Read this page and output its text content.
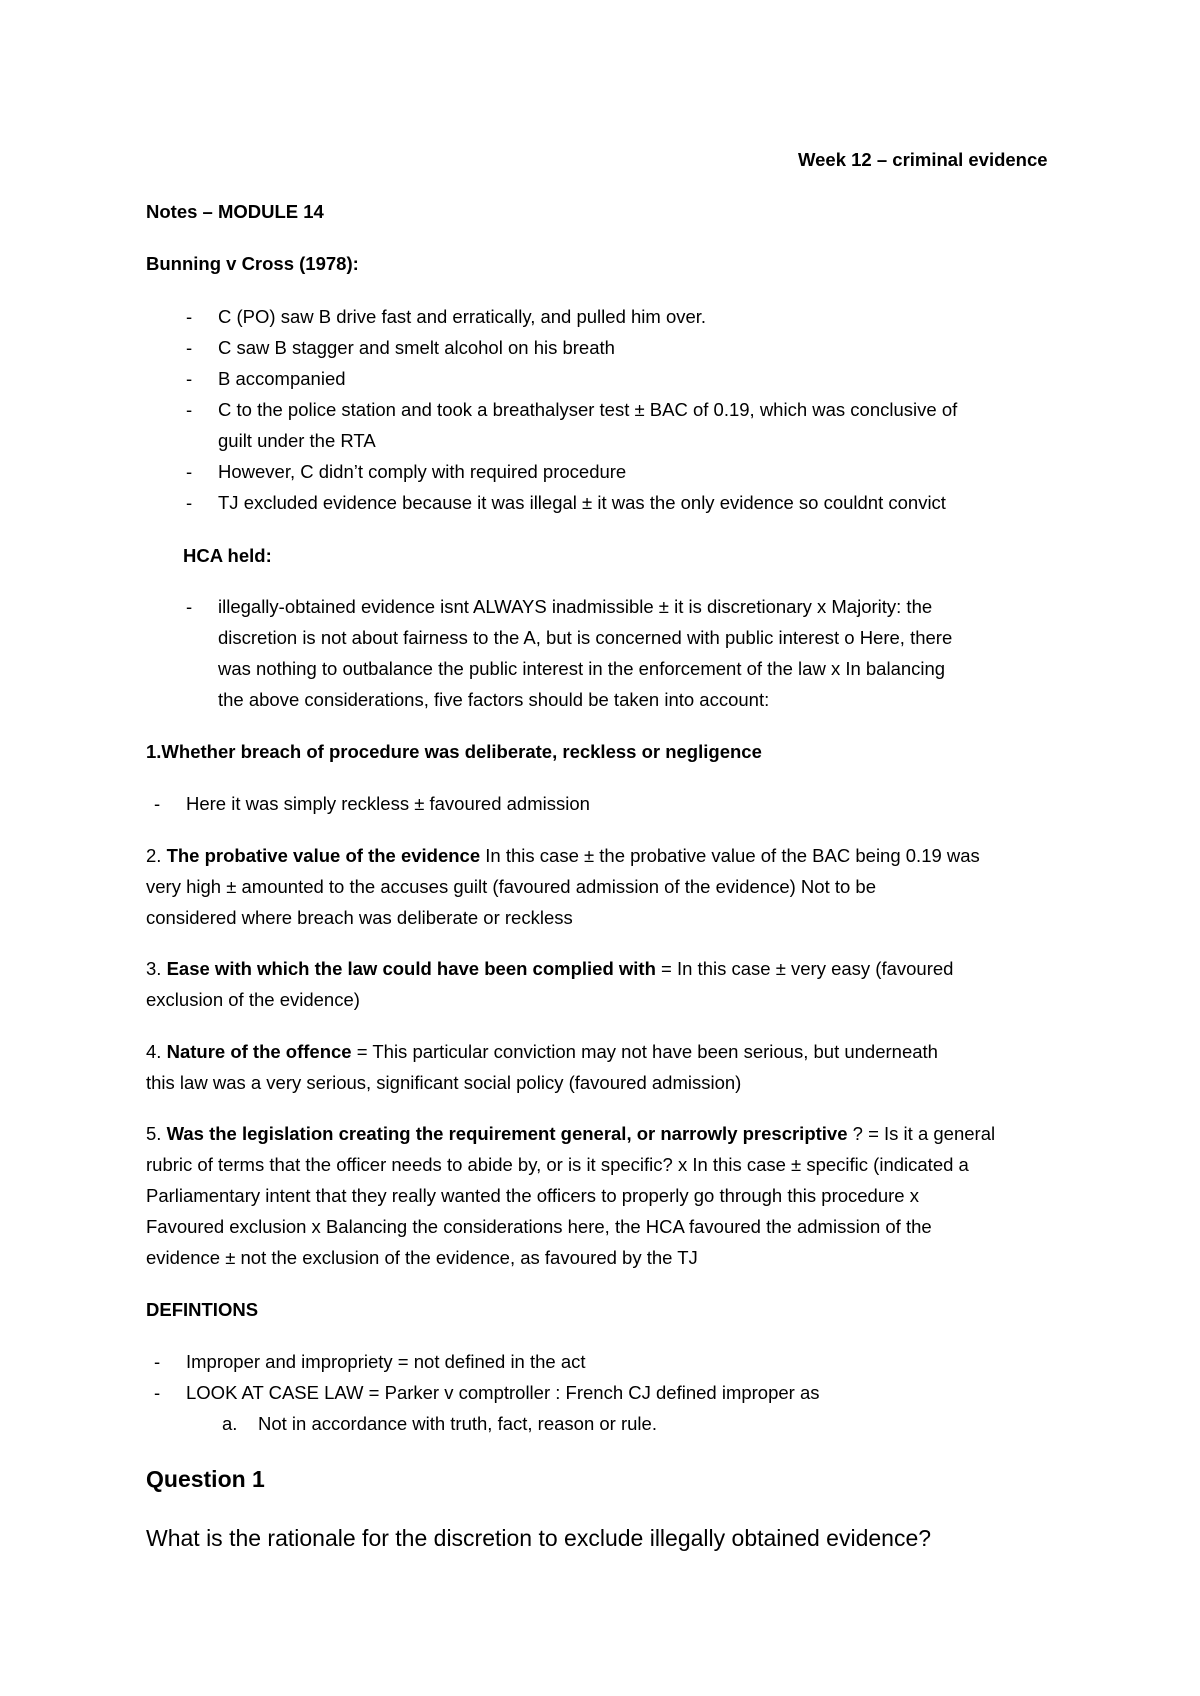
Week 12 – criminal evidence
Notes – MODULE 14
Bunning v Cross (1978):
- C (PO) saw B drive fast and erratically, and pulled him over.
- C saw B stagger and smelt alcohol on his breath
- B accompanied
- C to the police station and took a breathalyser test ± BAC of 0.19, which was conclusive of
guilt under the RTA
- However, C didn’t comply with required procedure
- TJ excluded evidence because it was illegal ± it was the only evidence so couldnt convict
HCA held:
- illegally-obtained evidence isnt ALWAYS inadmissible ± it is discretionary x Majority: the
discretion is not about fairness to the A, but is concerned with public interest o Here, there
was nothing to outbalance the public interest in the enforcement of the law x In balancing
the above considerations, five factors should be taken into account:
1.Whether breach of procedure was deliberate, reckless or negligence
- Here it was simply reckless ± favoured admission
2. The probative value of the evidence In this case ± the probative value of the BAC being 0.19 was
very high ± amounted to the accuses guilt (favoured admission of the evidence) Not to be
considered where breach was deliberate or reckless
3. Ease with which the law could have been complied with = In this case ± very easy (favoured
exclusion of the evidence)
4. Nature of the offence = This particular conviction may not have been serious, but underneath
this law was a very serious, significant social policy (favoured admission)
5. Was the legislation creating the requirement general, or narrowly prescriptive ? = Is it a general
rubric of terms that the officer needs to abide by, or is it specific? x In this case ± specific (indicated a
Parliamentary intent that they really wanted the officers to properly go through this procedure x
Favoured exclusion x Balancing the considerations here, the HCA favoured the admission of the
evidence ± not the exclusion of the evidence, as favoured by the TJ
DEFINTIONS
- Improper and impropriety = not defined in the act
- LOOK AT CASE LAW = Parker v comptroller : French CJ defined improper as
a. Not in accordance with truth, fact, reason or rule.
Question 1
What is the rationale for the discretion to exclude illegally obtained evidence?
